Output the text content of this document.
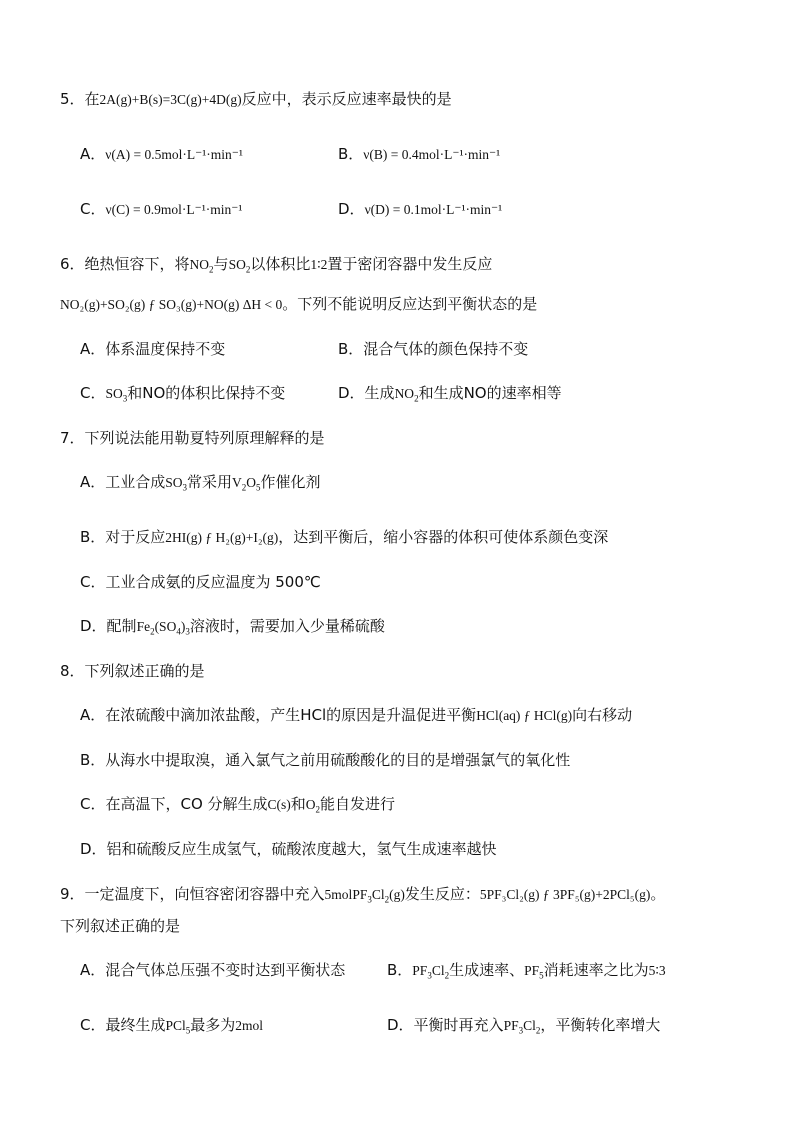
5．在2A(g)+B(s)=3C(g)+4D(g)反应中，表示反应速率最快的是
A．ν(A) = 0.5mol·L⁻¹·min⁻¹	B．ν(B) = 0.4mol·L⁻¹·min⁻¹
C．ν(C) = 0.9mol·L⁻¹·min⁻¹	D．ν(D) = 0.1mol·L⁻¹·min⁻¹
6．绝热恒容下，将$NO_2$与$SO_2$以体积比1∶2置于密闭容器中发生反应
NO₂(g)+SO₂(g) ƒ SO₃(g)+NO(g) ΔH < 0。下列不能说明反应达到平衡状态的是
A．体系温度保持不变	B．混合气体的颜色保持不变
C．$SO_3$和NO的体积比保持不变	D．生成$NO_2$和生成NO的速率相等
7．下列说法能用勒夏特列原理解释的是
A．工业合成$SO_3$常采用$V_2O_5$作催化剂
B．对于反应2HI(g) ƒ H₂(g)+I₂(g)，达到平衡后，缩小容器的体积可使体系颜色变深
C．工业合成氨的反应温度为 500℃
D．配制$Fe_2(SO_4)_3$溶液时，需要加入少量稀硫酸
8．下列叙述正确的是
A．在浓硫酸中滴加浓盐酸，产生HCl的原因是升温促进平衡HCl(aq) ƒ HCl(g)向右移动
B．从海水中提取溴，通入氯气之前用硫酸酸化的目的是增强氯气的氧化性
C．在高温下，CO 分解生成C(s)和$O_2$能自发进行
D．铝和硫酸反应生成氢气，硫酸浓度越大，氢气生成速率越快
9．一定温度下，向恒容密闭容器中充入$5molPF_3Cl_2(g)$发生反应：5PF₃Cl₂(g) ƒ 3PF₅(g)+2PCl₅(g)。
下列叙述正确的是
A．混合气体总压强不变时达到平衡状态	B．$PF_3Cl_2$生成速率、$PF_5$消耗速率之比为5∶3
C．最终生成PCl$_5$最多为2mol	D．平衡时再充入$PF_3Cl_2$，平衡转化率增大
